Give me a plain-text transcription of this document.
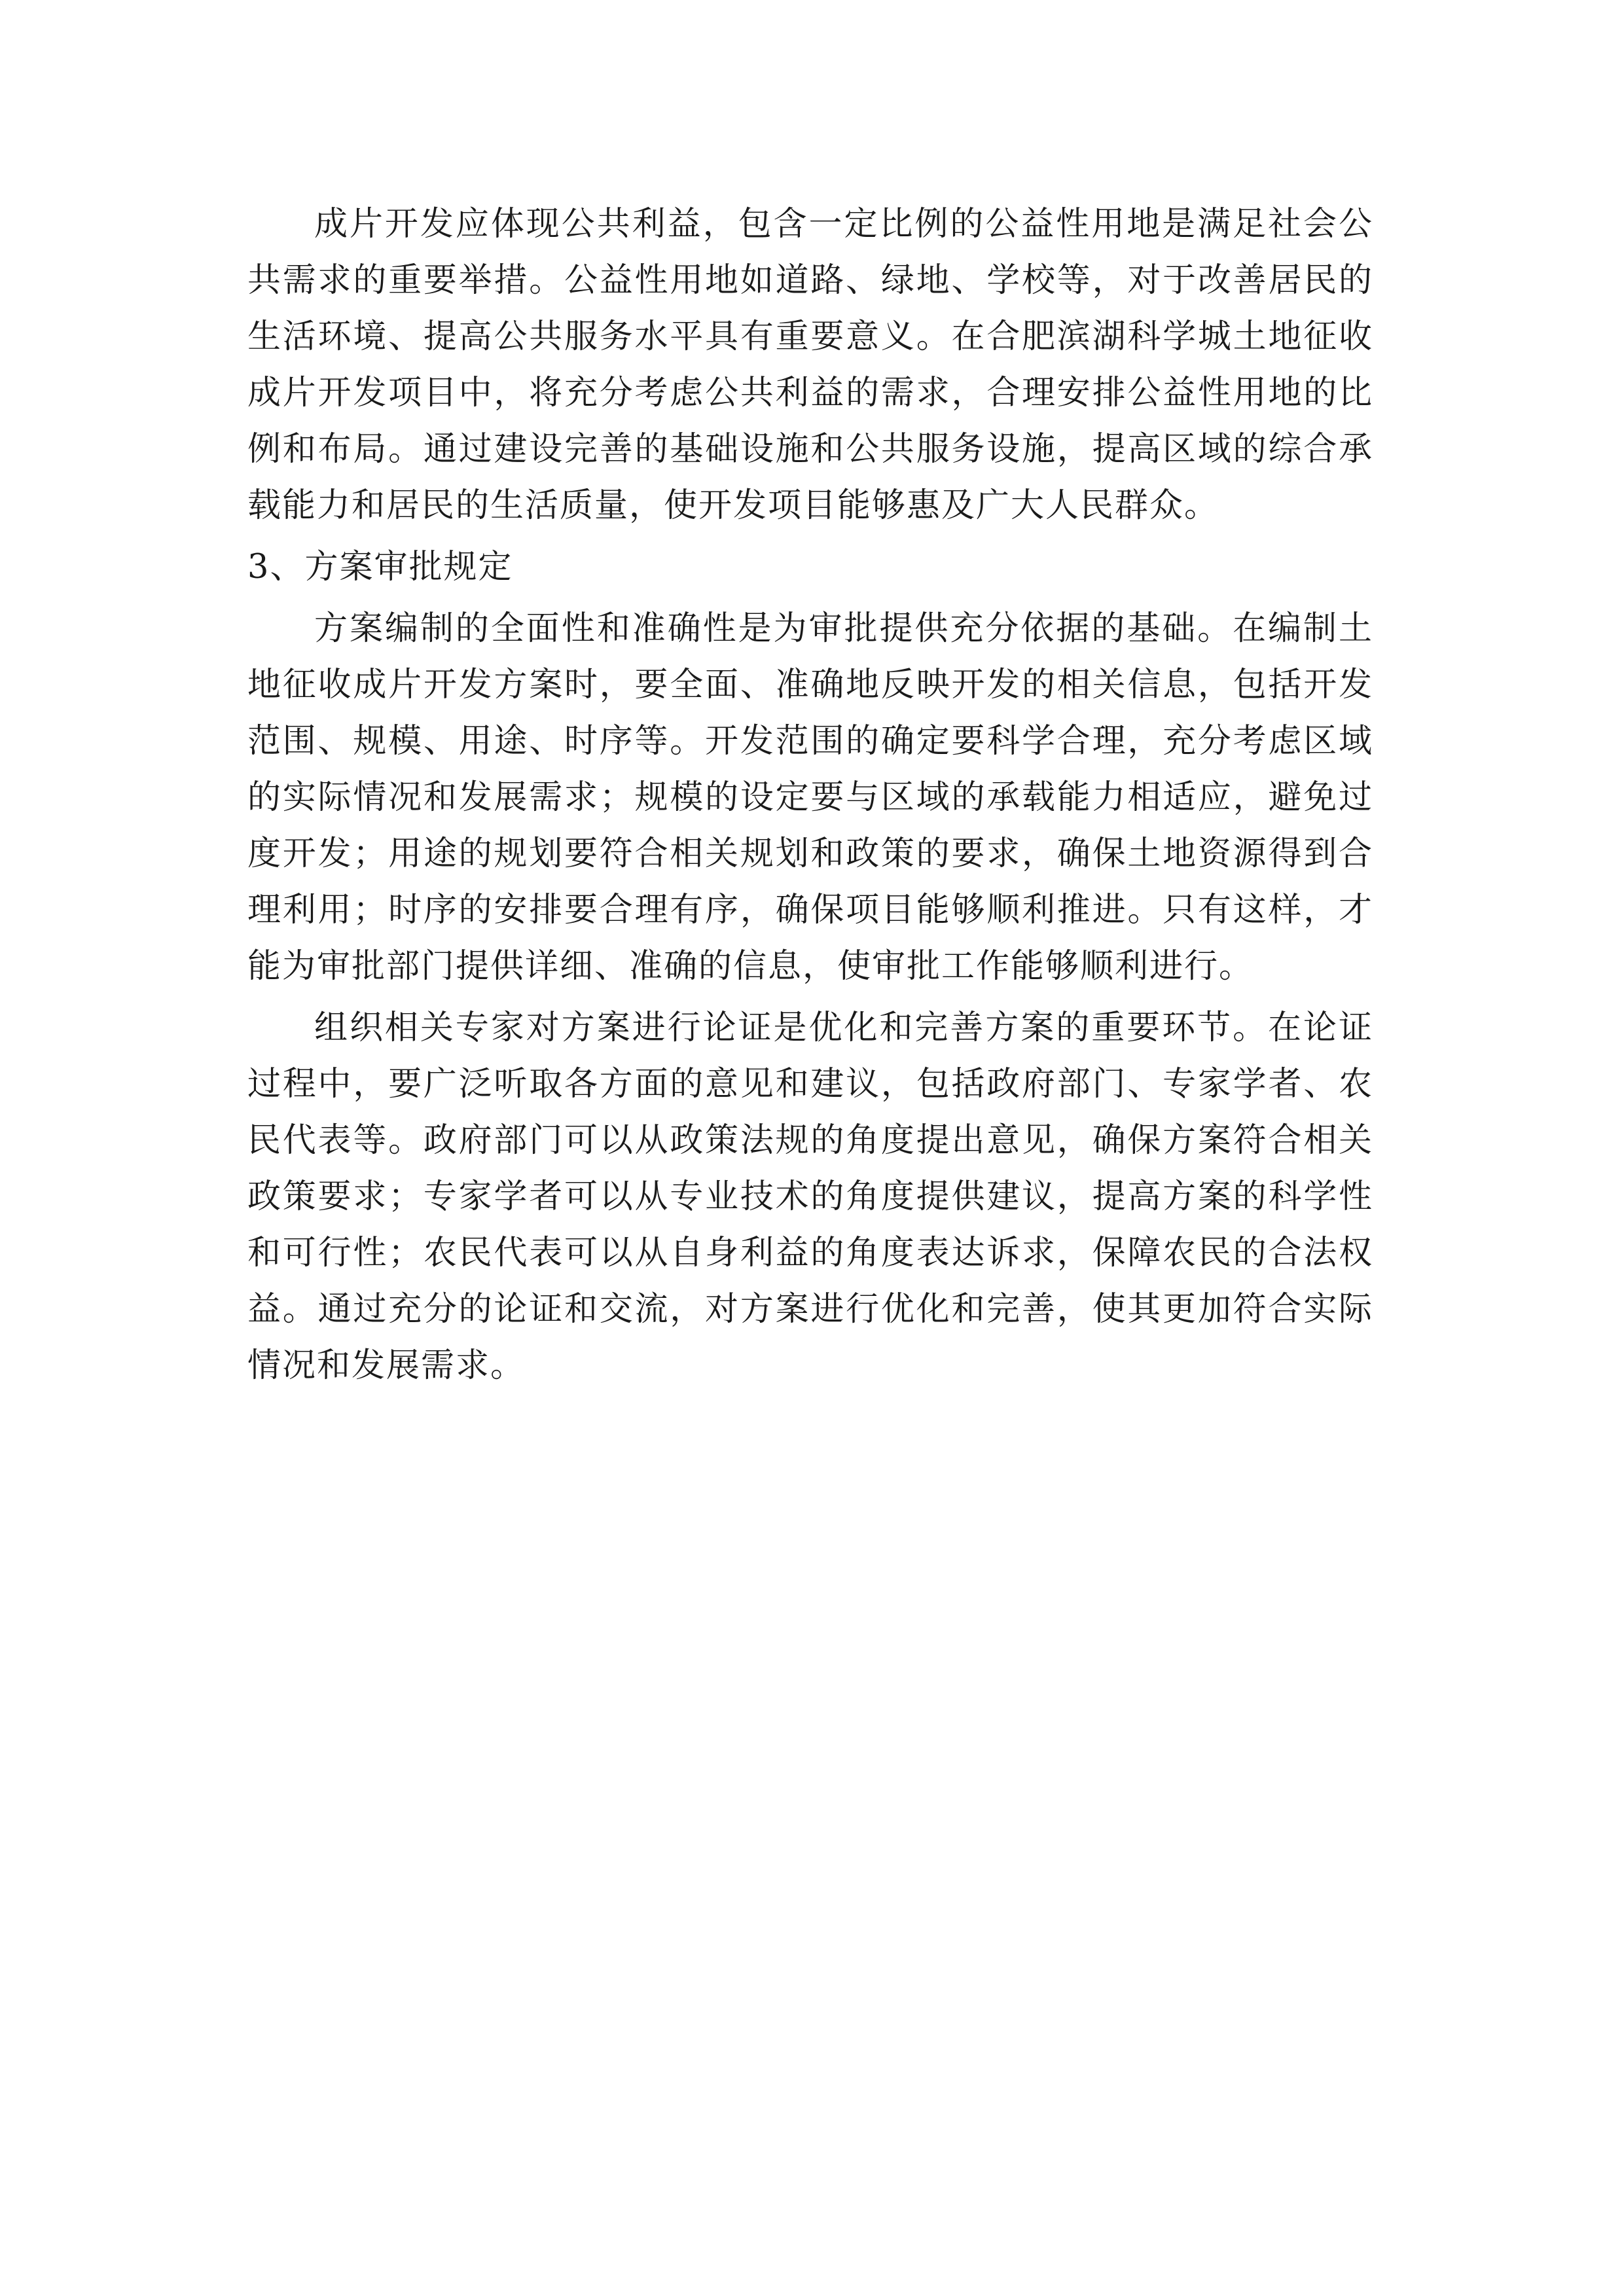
成片开发应体现公共利益，包含一定比例的公益性用地是满足社会公共需求的重要举措。公益性用地如道路、绿地、学校等，对于改善居民的生活环境、提高公共服务水平具有重要意义。在合肥滨湖科学城土地征收成片开发项目中，将充分考虑公共利益的需求，合理安排公益性用地的比例和布局。通过建设完善的基础设施和公共服务设施，提高区域的综合承载能力和居民的生活质量，使开发项目能够惠及广大人民群众。

3、方案审批规定

方案编制的全面性和准确性是为审批提供充分依据的基础。在编制土地征收成片开发方案时，要全面、准确地反映开发的相关信息，包括开发范围、规模、用途、时序等。开发范围的确定要科学合理，充分考虑区域的实际情况和发展需求；规模的设定要与区域的承载能力相适应，避免过度开发；用途的规划要符合相关规划和政策的要求，确保土地资源得到合理利用；时序的安排要合理有序，确保项目能够顺利推进。只有这样，才能为审批部门提供详细、准确的信息，使审批工作能够顺利进行。

组织相关专家对方案进行论证是优化和完善方案的重要环节。在论证过程中，要广泛听取各方面的意见和建议，包括政府部门、专家学者、农民代表等。政府部门可以从政策法规的角度提出意见，确保方案符合相关政策要求；专家学者可以从专业技术的角度提供建议，提高方案的科学性和可行性；农民代表可以从自身利益的角度表达诉求，保障农民的合法权益。通过充分的论证和交流，对方案进行优化和完善，使其更加符合实际情况和发展需求。
